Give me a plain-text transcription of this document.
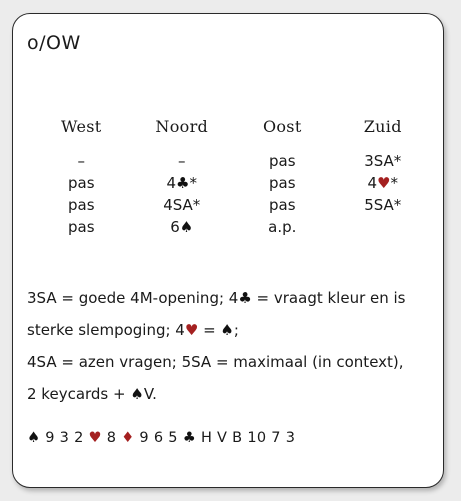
o/OW
West	Noord	Oost	Zuid
–	–	pas	3SA*
pas	4♣*	pas	4♥*
pas	4SA*	pas	5SA*
pas	6♠	a.p.

3SA = goede 4M-opening; 4♣ = vraagt kleur en is

sterke slempoging; 4♥ = ♠;

4SA = azen vragen; 5SA = maximaal (in context),

2 keycards + ♠V.

♠ 9 3 2 ♥ 8 ♦ 9 6 5 ♣ H V B 10 7 3
